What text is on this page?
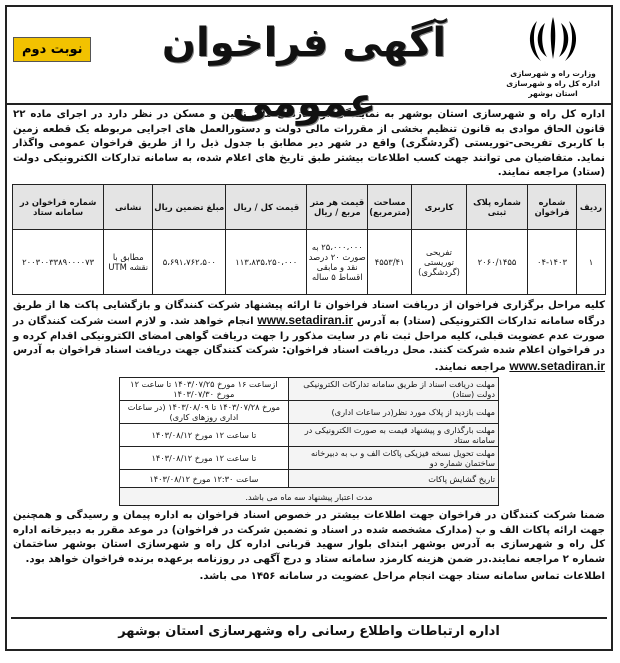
وزارت راه و شهرسازی
اداره کل راه و شهرسازی
استان بوشهر
آگهی فراخوان عمومی
نوبت دوم
اداره کل راه و شهرسازی استان بوشهر به نمایندگی از سازمان ملی زمین و مسکن در نظر دارد در اجرای ماده ۲۲ قانون الحاق موادی به قانون تنظیم بخشی از مقررات مالی دولت و دستورالعمل های اجرایی مربوطه یک قطعه زمین با کاربری تفریحی-توریستی (گردشگری) واقع در شهر دیر مطابق با جدول ذیل را از طریق فراخوان عمومی واگذار نماید. متقاضیان می توانند جهت کسب اطلاعات بیشتر طبق تاریخ های اعلام شده، به سامانه تدارکات الکترونیکی دولت (ستاد) مراجعه نمایند.
ردیف	شماره فراخوان	شماره پلاک ثبتی	کاربری	مساحت (مترمربع)	قیمت هر متر مربع / ریال	قیمت کل / ریال	مبلغ تضمین ریال	نشانی	شماره فراخوان در سامانه ستاد
۱	۰۴-۱۴۰۳	۲۰۶۰/۱۴۵۵	تفریحی توریستی (گردشگری)	۴۵۵۳/۴۱	۲۵،۰۰۰،۰۰۰ به صورت ۲۰ درصد نقد و مابقی اقساط ۵ ساله	۱۱۳،۸۳۵،۲۵۰،۰۰۰	۵،۶۹۱،۷۶۲،۵۰۰	مطابق با نقشه UTM	۲۰۰۳۰۰۳۳۸۹۰۰۰۰۷۳
کلیه مراحل برگزاری فراخوان از دریافت اسناد فراخوان تا ارائه پیشنهاد شرکت کنندگان و بازگشایی پاکت ها از طریق درگاه سامانه تدارکات الکترونیکی (ستاد) به آدرس www.setadiran.ir انجام خواهد شد. و لازم است شرکت کنندگان در صورت عدم عضویت قبلی، کلیه مراحل ثبت نام در سایت مذکور را جهت دریافت گواهی امضای الکترونیکی اقدام کرده و در فراخوان اعلام شده شرکت کنند. محل دریافت اسناد فراخوان: شرکت کنندگان جهت دریافت اسناد فراخوان به آدرس www.setadiran.ir مراجعه نمایند.
مهلت دریافت اسناد از طریق سامانه تدارکات الکترونیکی دولت (ستاد)	ازساعت ۱۶ مورخ ۱۴۰۳/۰۷/۲۵ تا ساعت ۱۲ مورخ ۱۴۰۳/۰۷/۳۰
مهلت بازدید از پلاک مورد نظر(در ساعات اداری)	مورخ ۱۴۰۳/۰۷/۲۸ تا ۱۴۰۳/۰۸/۰۹ (در ساعات اداری روزهای کاری)
مهلت بارگذاری و پیشنهاد قیمت به صورت الکترونیکی در سامانه ستاد	تا ساعت ۱۲ مورخ ۱۴۰۳/۰۸/۱۲
مهلت تحویل نسخه فیزیکی پاکات الف و ب به دبیرخانه ساختمان شماره دو	تا ساعت ۱۲ مورخ ۱۴۰۳/۰۸/۱۲
تاریخ گشایش پاکات	ساعت ۱۲:۳۰ مورخ ۱۴۰۳/۰۸/۱۲
مدت اعتبار پیشنهاد سه ماه می باشد.	
ضمنا شرکت کنندگان در فراخوان جهت اطلاعات بیشتر در خصوص اسناد فراخوان به اداره پیمان و رسیدگی و همچنین جهت ارائه پاکات الف و ب (مدارک مشخصه شده در اسناد و تضمین شرکت در فراخوان) در موعد مقرر به دبیرخانه اداره کل راه و شهرسازی به آدرس بوشهر ابتدای بلوار سهید قربانی اداره کل راه و شهرسازی استان بوشهر ساختمان شماره ۲ مراجعه نمایند.در ضمن هزینه کارمزد سامانه ستاد و درج آگهی در روزنامه برعهده برنده فراخوان خواهد بود.
اطلاعات تماس سامانه ستاد جهت انجام مراحل عضویت در سامانه ۱۴۵۶ می باشد.
اداره ارتباطات واطلاع رسانی راه وشهرسازی استان بوشهر
